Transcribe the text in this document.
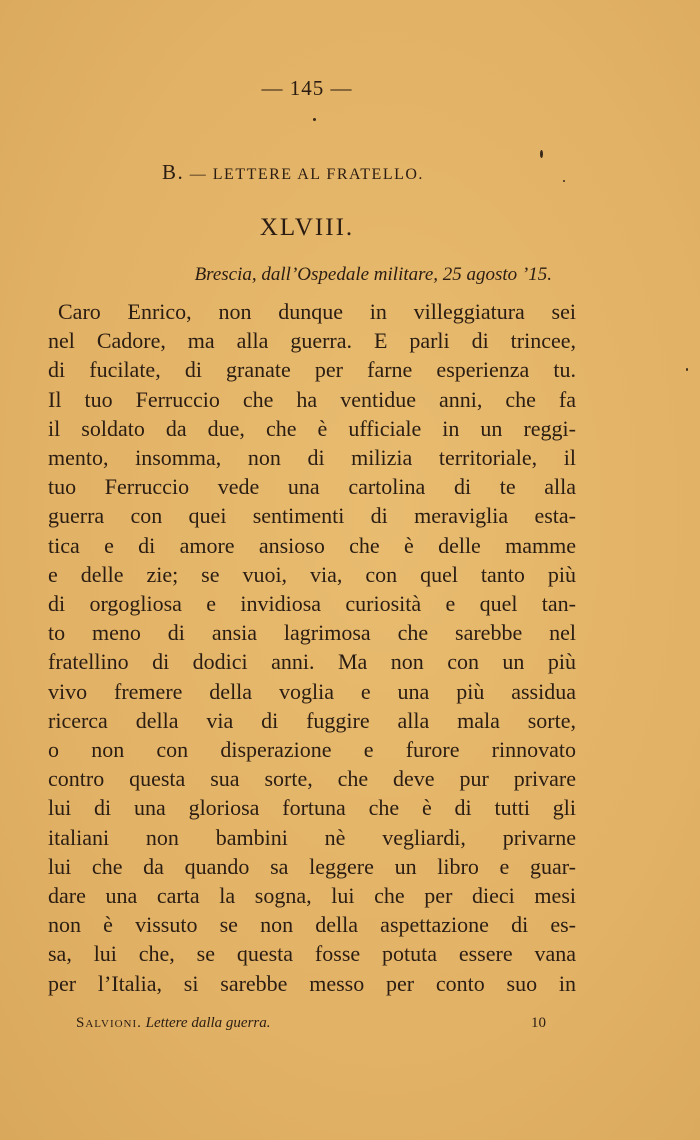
— 145 —
B. — LETTERE AL FRATELLO.
XLVIII.
Brescia, dall’Ospedale militare, 25 agosto ’15.
Caro Enrico, non dunque in villeggiatura sei
nel Cadore, ma alla guerra. E parli di trincee,
di fucilate, di granate per farne esperienza tu.
Il tuo Ferruccio che ha ventidue anni, che fa
il soldato da due, che è ufficiale in un reggi-
mento, insomma, non di milizia territoriale, il
tuo Ferruccio vede una cartolina di te alla
guerra con quei sentimenti di meraviglia esta-
tica e di amore ansioso che è delle mamme
e delle zie; se vuoi, via, con quel tanto più
di orgogliosa e invidiosa curiosità e quel tan-
to meno di ansia lagrimosa che sarebbe nel
fratellino di dodici anni. Ma non con un più
vivo fremere della voglia e una più assidua
ricerca della via di fuggire alla mala sorte,
o non con disperazione e furore rinnovato
contro questa sua sorte, che deve pur privare
lui di una gloriosa fortuna che è di tutti gli
italiani non bambini nè vegliardi, privarne
lui che da quando sa leggere un libro e guar-
dare una carta la sogna, lui che per dieci mesi
non è vissuto se non della aspettazione di es-
sa, lui che, se questa fosse potuta essere vana
per l’Italia, si sarebbe messo per conto suo in
Salvioni. Lettere dalla guerra.	10
